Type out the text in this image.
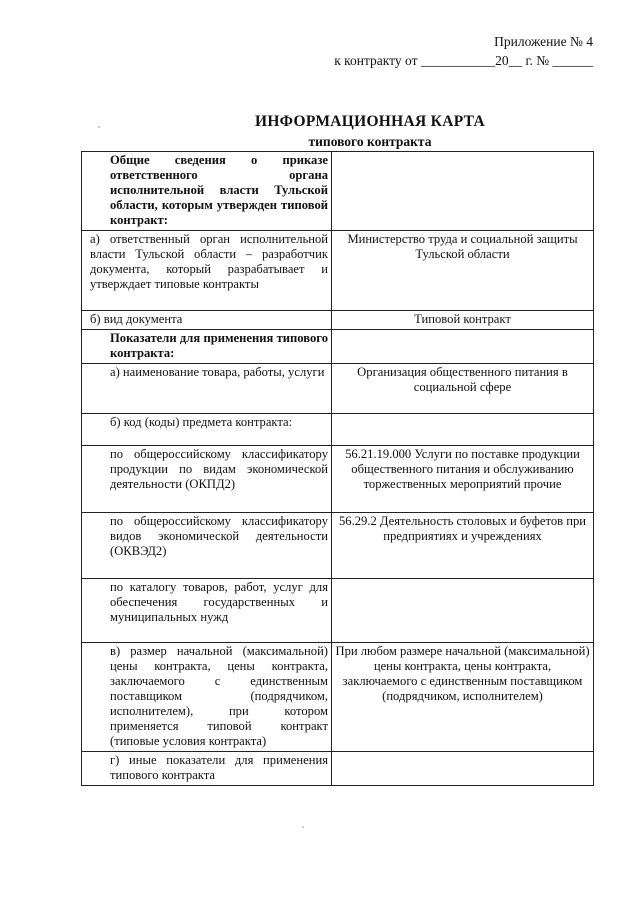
Приложение № 4
к контракту от ___________20__ г. № ______
ИНФОРМАЦИОННАЯ КАРТА
типового контракта
Общие сведения о приказе ответственного органа исполнительной власти Тульской области, которым утвержден типовой контракт:	
а) ответственный орган исполнительной власти Тульской области – разработчик документа, который разрабатывает и утверждает типовые контракты	Министерство труда и социальной защиты Тульской области
б) вид документа	Типовой контракт
Показатели для применения типового контракта:	
а) наименование товара, работы, услуги	Организация общественного питания в социальной сфере
б) код (коды) предмета контракта:	
по общероссийскому классификатору продукции по видам экономической деятельности (ОКПД2)	56.21.19.000 Услуги по поставке продукции общественного питания и обслуживанию торжественных мероприятий прочие
по общероссийскому классификатору видов экономической деятельности (ОКВЭД2)	56.29.2 Деятельность столовых и буфетов при предприятиях и учреждениях
по каталогу товаров, работ, услуг для обеспечения государственных и муниципальных нужд	
в) размер начальной (максимальной) цены контракта, цены контракта, заключаемого с единственным поставщиком (подрядчиком, исполнителем), при котором применяется типовой контракт (типовые условия контракта)	При любом размере начальной (максимальной) цены контракта, цены контракта, заключаемого с единственным поставщиком (подрядчиком, исполнителем)
г) иные показатели для применения типового контракта	
